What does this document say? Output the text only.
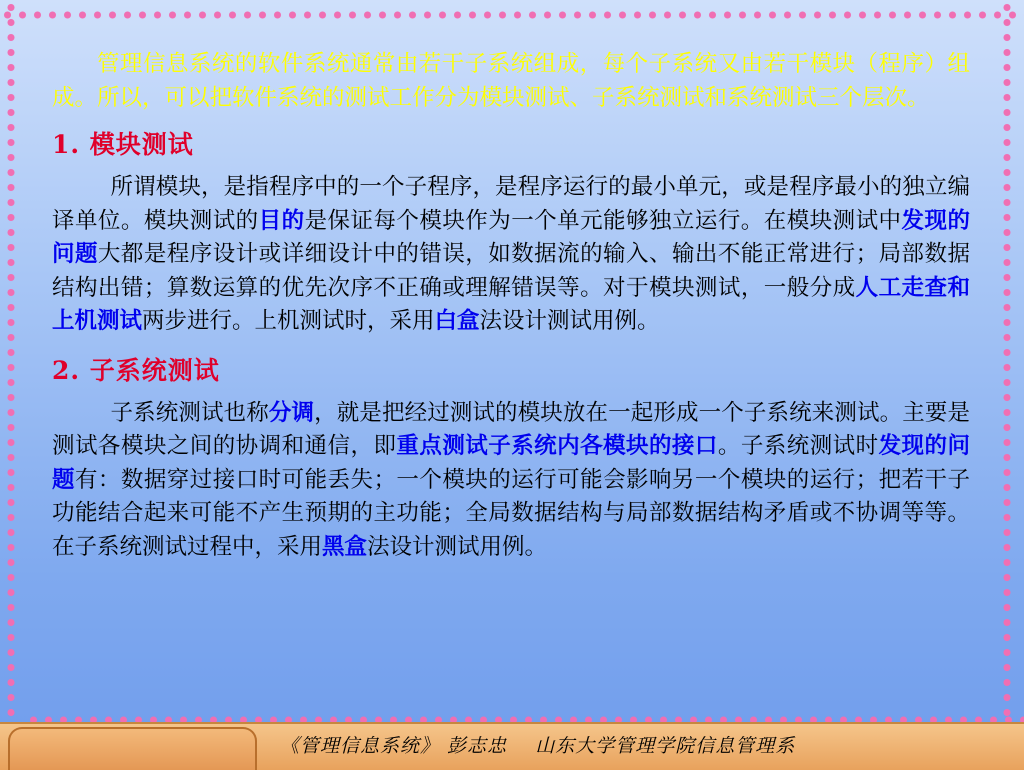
管理信息系统的软件系统通常由若干子系统组成，每个子系统又由若干模块（程序）组成。所以，可以把软件系统的测试工作分为模块测试、子系统测试和系统测试三个层次。

1. 模块测试

所谓模块，是指程序中的一个子程序，是程序运行的最小单元，或是程序最小的独立编译单位。模块测试的目的是保证每个模块作为一个单元能够独立运行。在模块测试中发现的问题大都是程序设计或详细设计中的错误，如数据流的输入、输出不能正常进行；局部数据结构出错；算数运算的优先次序不正确或理解错误等。对于模块测试，一般分成人工走查和上机测试两步进行。上机测试时，采用白盒法设计测试用例。

2. 子系统测试

子系统测试也称分调，就是把经过测试的模块放在一起形成一个子系统来测试。主要是测试各模块之间的协调和通信，即重点测试子系统内各模块的接口。子系统测试时发现的问题有：数据穿过接口时可能丢失；一个模块的运行可能会影响另一个模块的运行；把若干子功能结合起来可能不产生预期的主功能；全局数据结构与局部数据结构矛盾或不协调等等。在子系统测试过程中，采用黑盒法设计测试用例。

《管理信息系统》 彭志忠    山东大学管理学院信息管理系
